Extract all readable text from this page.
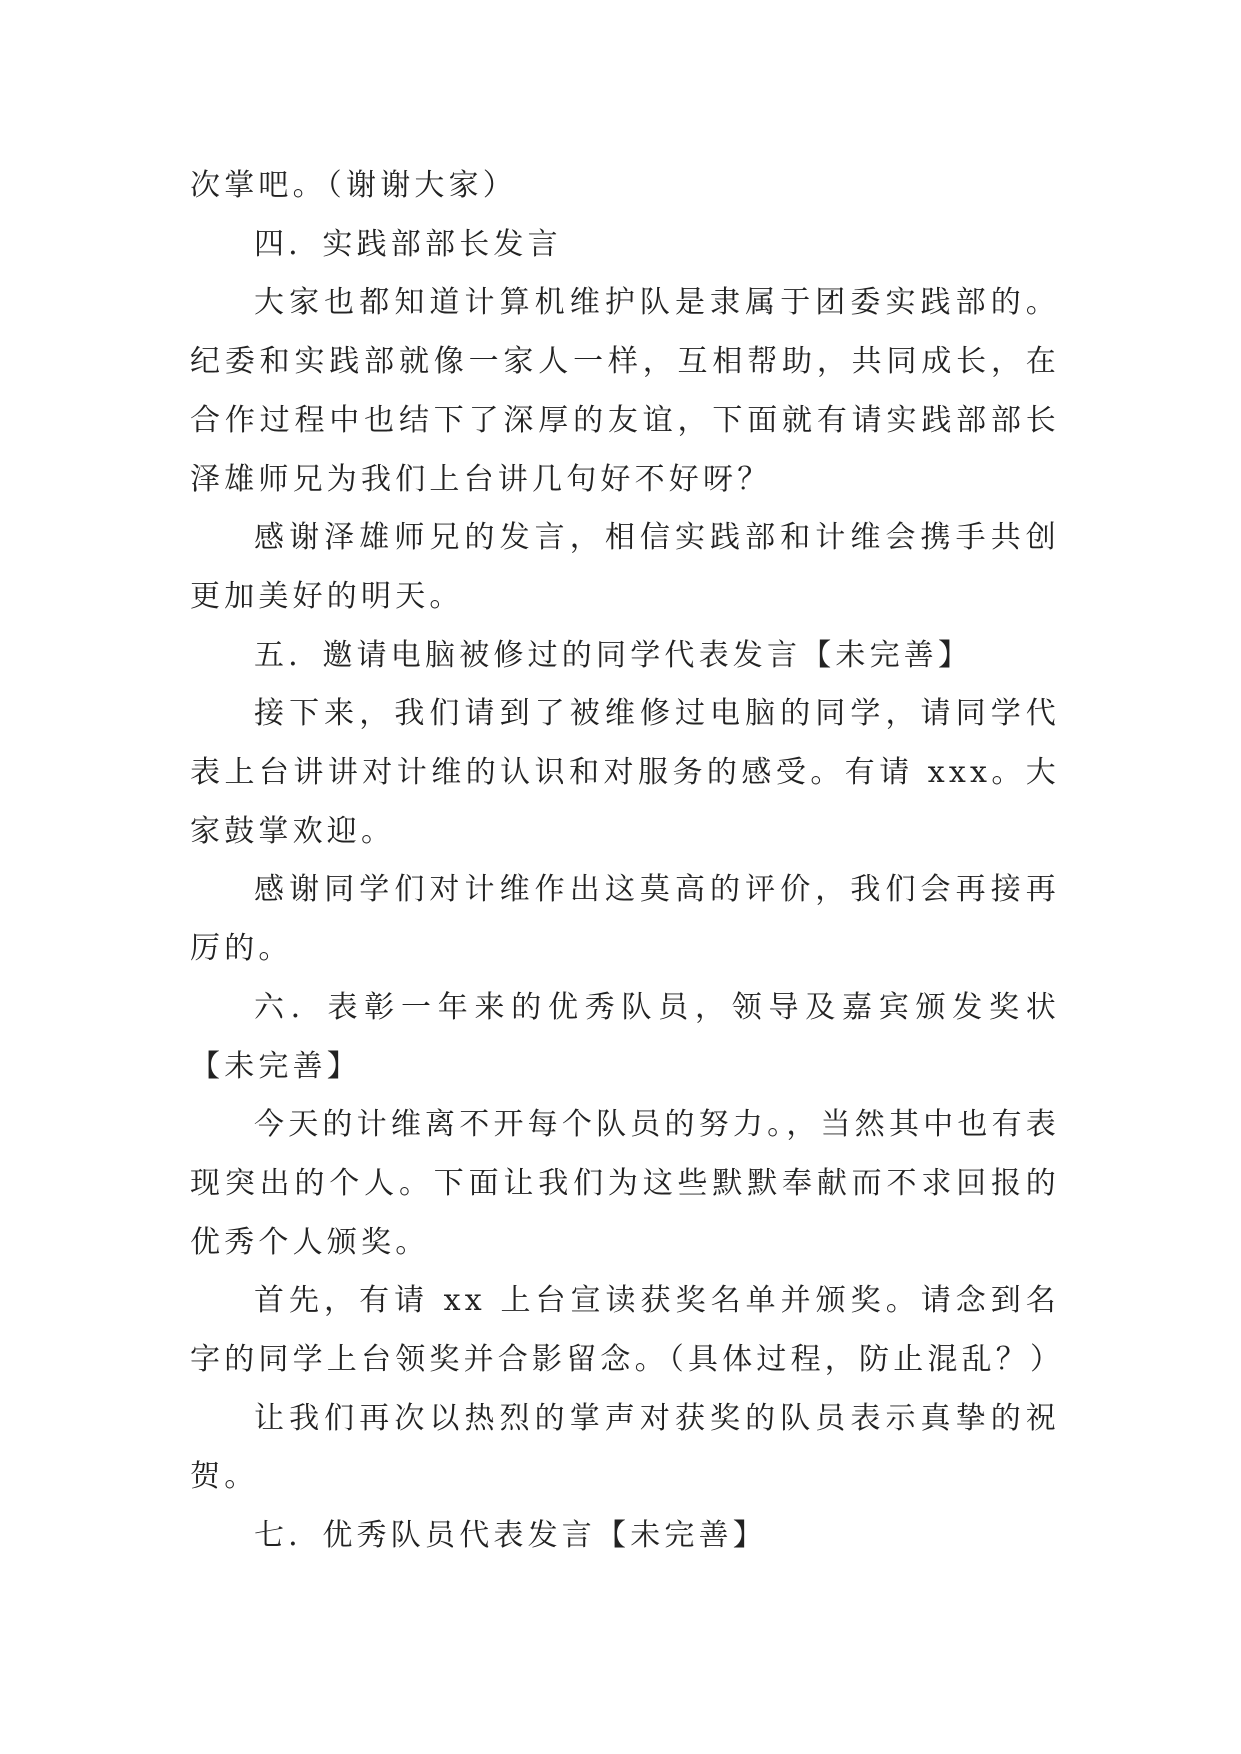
次掌吧。（谢谢大家）

四．实践部部长发言

大家也都知道计算机维护队是隶属于团委实践部的。纪委和实践部就像一家人一样，互相帮助，共同成长，在合作过程中也结下了深厚的友谊，下面就有请实践部部长泽雄师兄为我们上台讲几句好不好呀？

感谢泽雄师兄的发言，相信实践部和计维会携手共创更加美好的明天。

五．邀请电脑被修过的同学代表发言【未完善】

接下来，我们请到了被维修过电脑的同学，请同学代表上台讲讲对计维的认识和对服务的感受。有请 xxx。大家鼓掌欢迎。

感谢同学们对计维作出这莫高的评价，我们会再接再厉的。

六．表彰一年来的优秀队员，领导及嘉宾颁发奖状【未完善】

今天的计维离不开每个队员的努力。，当然其中也有表现突出的个人。下面让我们为这些默默奉献而不求回报的优秀个人颁奖。

首先，有请 xx 上台宣读获奖名单并颁奖。请念到名字的同学上台领奖并合影留念。（具体过程，防止混乱？）

让我们再次以热烈的掌声对获奖的队员表示真挚的祝贺。

七．优秀队员代表发言【未完善】
